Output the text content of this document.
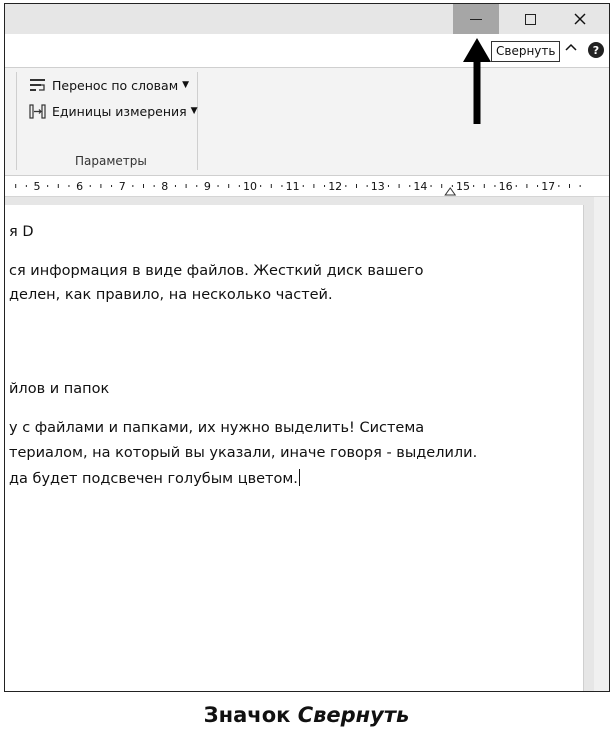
Свернуть	?
Перенос по словам ▼
Единицы измерения ▼
Параметры
5	6	7	8	9	10	11	12	13	14	15	16	17
я D
ся информация в виде файлов. Жесткий диск вашего
делен, как правило, на несколько частей.
йлов и папок
у с файлами и папками, их нужно выделить! Система
териалом, на который вы указали, иначе говоря - выделили.
да будет подсвечен голубым цветом.
Значок Свернуть
